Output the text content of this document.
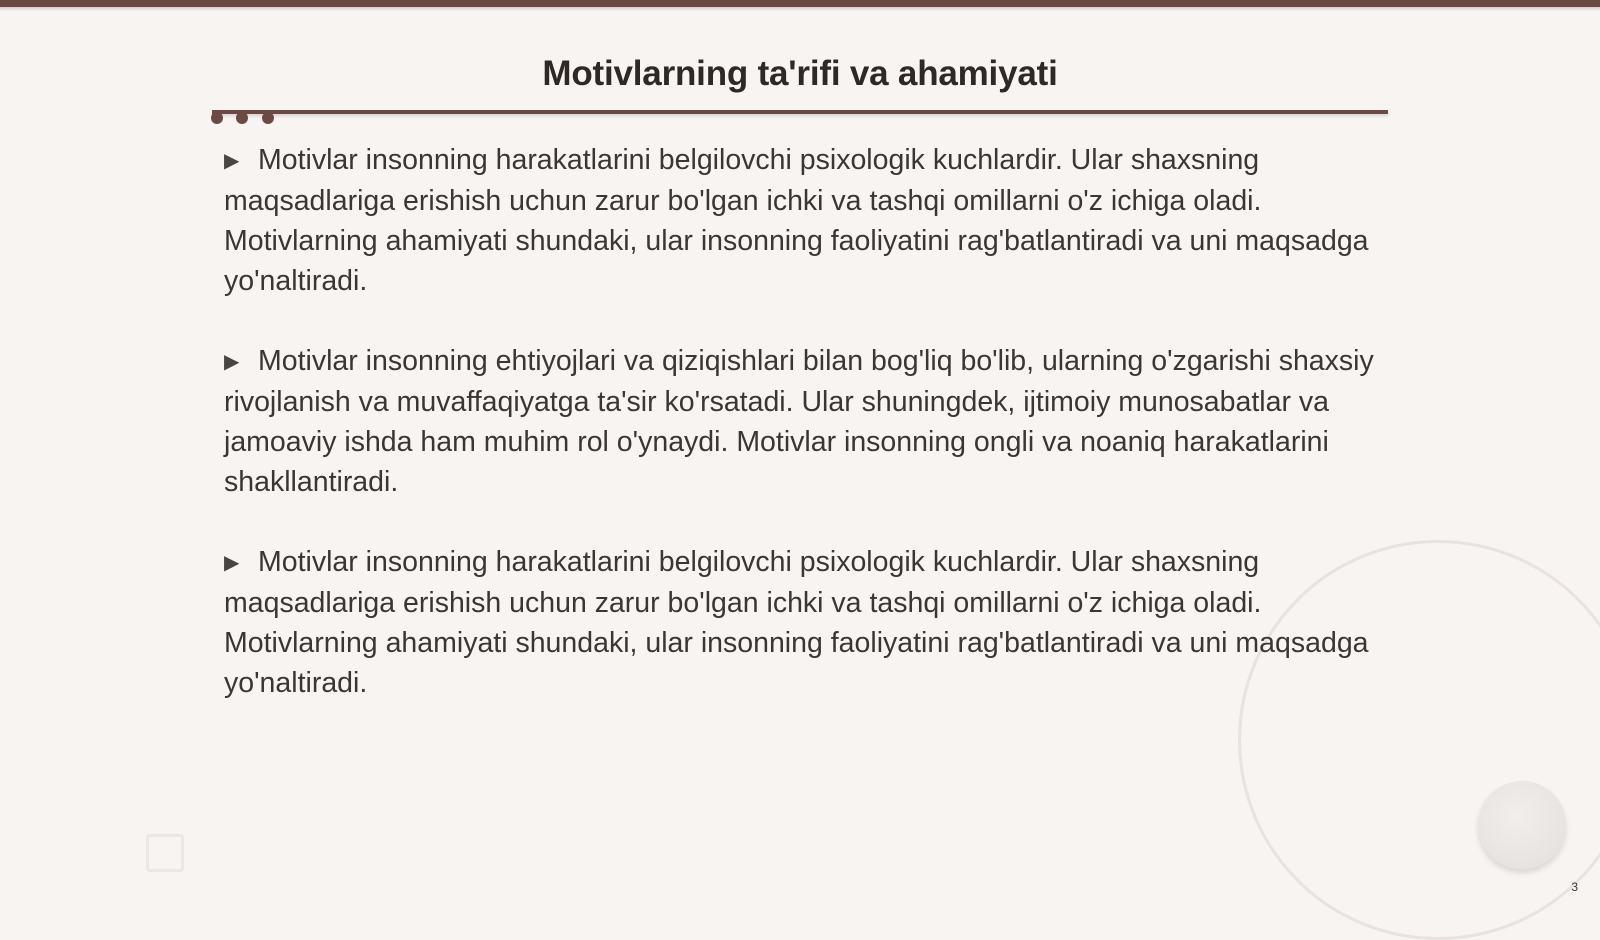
Motivlarning ta'rifi va ahamiyati

▶ Motivlar insonning harakatlarini belgilovchi psixologik kuchlardir. Ular shaxsning maqsadlariga erishish uchun zarur bo'lgan ichki va tashqi omillarni o'z ichiga oladi. Motivlarning ahamiyati shundaki, ular insonning faoliyatini rag'batlantiradi va uni maqsadga yo'naltiradi.

▶ Motivlar insonning ehtiyojlari va qiziqishlari bilan bog'liq bo'lib, ularning o'zgarishi shaxsiy rivojlanish va muvaffaqiyatga ta'sir ko'rsatadi. Ular shuningdek, ijtimoiy munosabatlar va jamoaviy ishda ham muhim rol o'ynaydi. Motivlar insonning ongli va noaniq harakatlarini shakllantiradi.

▶ Motivlar insonning harakatlarini belgilovchi psixologik kuchlardir. Ular shaxsning maqsadlariga erishish uchun zarur bo'lgan ichki va tashqi omillarni o'z ichiga oladi. Motivlarning ahamiyati shundaki, ular insonning faoliyatini rag'batlantiradi va uni maqsadga yo'naltiradi.

3
